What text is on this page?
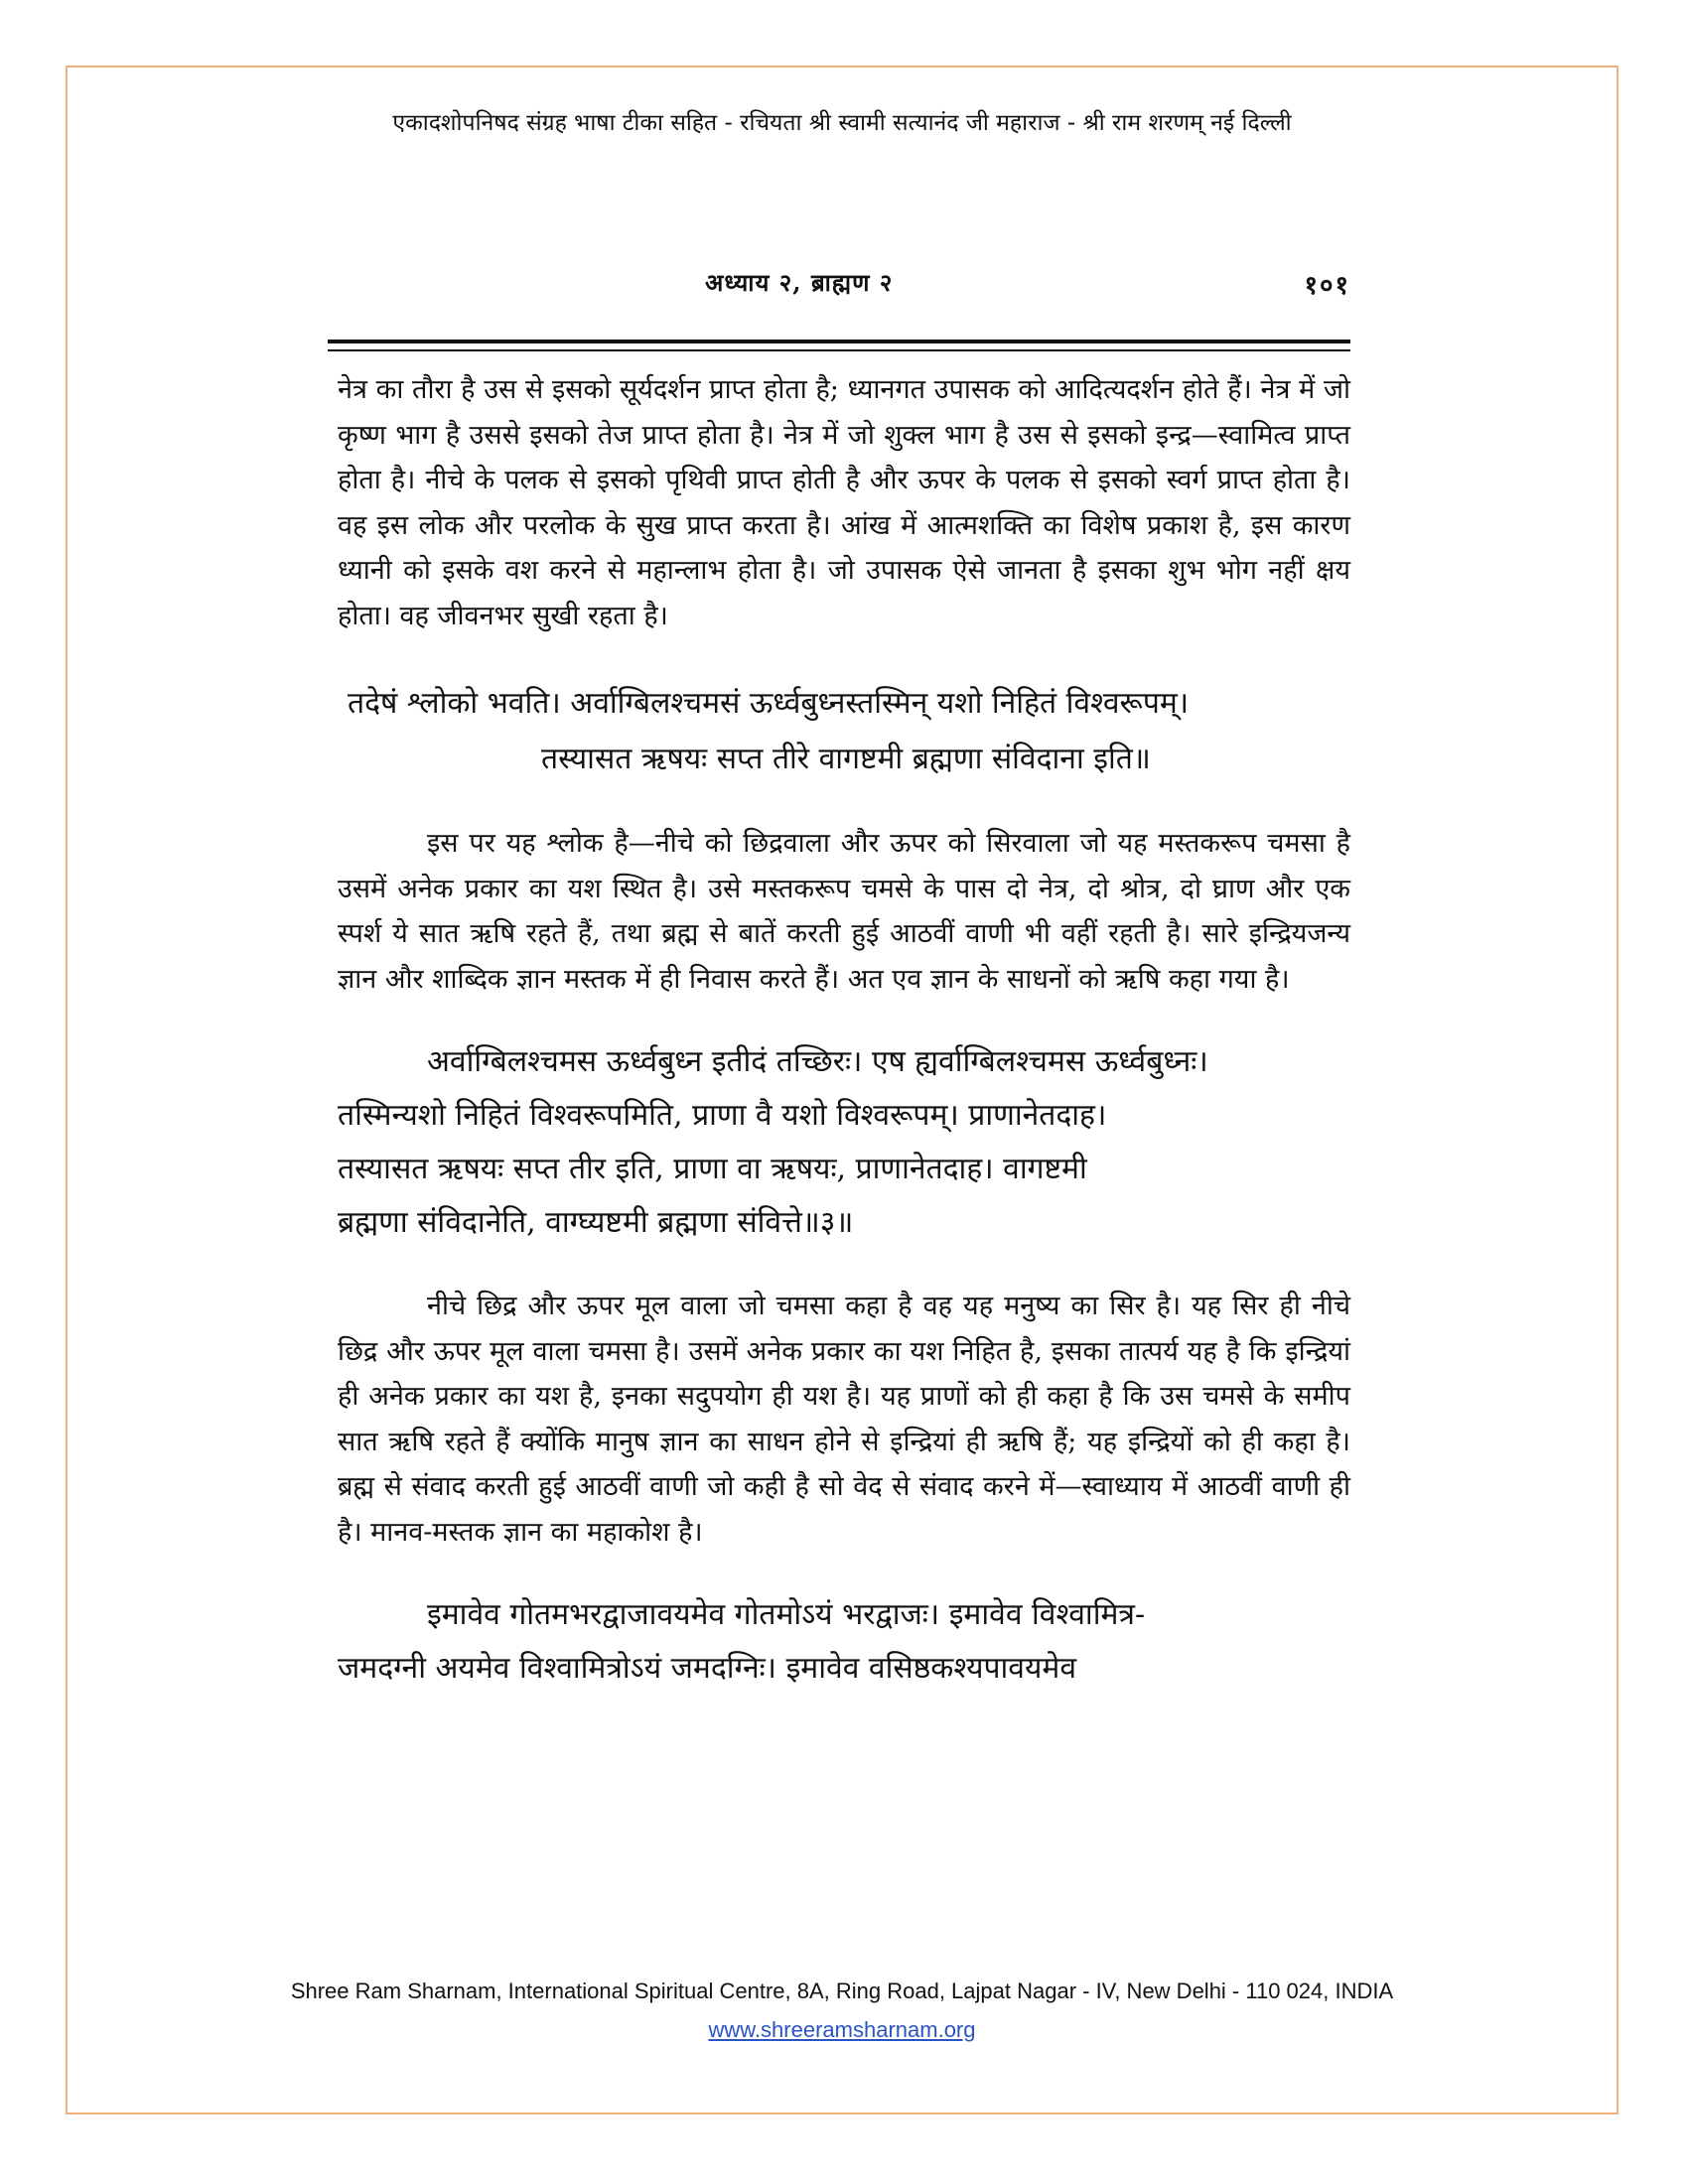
एकादशोपनिषद संग्रह भाषा टीका सहित - रचियता श्री स्वामी सत्यानंद जी महाराज - श्री राम शरणम् नई दिल्ली
अध्याय २, ब्राह्मण २	१०१

नेत्र का तौरा है उस से इसको सूर्यदर्शन प्राप्त होता है; ध्यानगत उपासक को आदित्यदर्शन होते हैं। नेत्र में जो कृष्ण भाग है उससे इसको तेज प्राप्त होता है। नेत्र में जो शुक्ल भाग है उस से इसको इन्द्र—स्वामित्व प्राप्त होता है। नीचे के पलक से इसको पृथिवी प्राप्त होती है और ऊपर के पलक से इसको स्वर्ग प्राप्त होता है। वह इस लोक और परलोक के सुख प्राप्त करता है। आंख में आत्मशक्ति का विशेष प्रकाश है, इस कारण ध्यानी को इसके वश करने से महान्लाभ होता है। जो उपासक ऐसे जानता है इसका शुभ भोग नहीं क्षय होता। वह जीवनभर सुखी रहता है।

तदेषं श्लोको भवति। अर्वाग्बिलश्चमसं ऊर्ध्वबुध्नस्तस्मिन् यशो निहितं विश्वरूपम्।
तस्यासत ऋषयः सप्त तीरे वागष्टमी ब्रह्मणा संविदाना इति॥

इस पर यह श्लोक है—नीचे को छिद्रवाला और ऊपर को सिरवाला जो यह मस्तकरूप चमसा है उसमें अनेक प्रकार का यश स्थित है। उसे मस्तकरूप चमसे के पास दो नेत्र, दो श्रोत्र, दो घ्राण और एक स्पर्श ये सात ऋषि रहते हैं, तथा ब्रह्म से बातें करती हुई आठवीं वाणी भी वहीं रहती है। सारे इन्द्रियजन्य ज्ञान और शाब्दिक ज्ञान मस्तक में ही निवास करते हैं। अत एव ज्ञान के साधनों को ऋषि कहा गया है।

अर्वाग्बिलश्चमस ऊर्ध्वबुध्न इतीदं तच्छिरः। एष ह्यर्वाग्बिलश्चमस ऊर्ध्वबुध्नः।
तस्मिन्यशो निहितं विश्वरूपमिति, प्राणा वै यशो विश्वरूपम्। प्राणानेतदाह।
तस्यासत ऋषयः सप्त तीर इति, प्राणा वा ऋषयः, प्राणानेतदाह। वागष्टमी
ब्रह्मणा संविदानेति, वाग्घ्यष्टमी ब्रह्मणा संवित्ते॥३॥

नीचे छिद्र और ऊपर मूल वाला जो चमसा कहा है वह यह मनुष्य का सिर है। यह सिर ही नीचे छिद्र और ऊपर मूल वाला चमसा है। उसमें अनेक प्रकार का यश निहित है, इसका तात्पर्य यह है कि इन्द्रियां ही अनेक प्रकार का यश है, इनका सदुपयोग ही यश है। यह प्राणों को ही कहा है कि उस चमसे के समीप सात ऋषि रहते हैं क्योंकि मानुष ज्ञान का साधन होने से इन्द्रियां ही ऋषि हैं; यह इन्द्रियों को ही कहा है। ब्रह्म से संवाद करती हुई आठवीं वाणी जो कही है सो वेद से संवाद करने में—स्वाध्याय में आठवीं वाणी ही है। मानव-मस्तक ज्ञान का महाकोश है।

इमावेव गोतमभरद्वाजावयमेव गोतमोऽयं भरद्वाजः। इमावेव विश्वामित्र-
जमदग्नी अयमेव विश्वामित्रोऽयं जमदग्निः। इमावेव वसिष्ठकश्यपावयमेव
Shree Ram Sharnam, International Spiritual Centre, 8A, Ring Road, Lajpat Nagar - IV, New Delhi - 110 024, INDIA
www.shreeramsharnam.org
